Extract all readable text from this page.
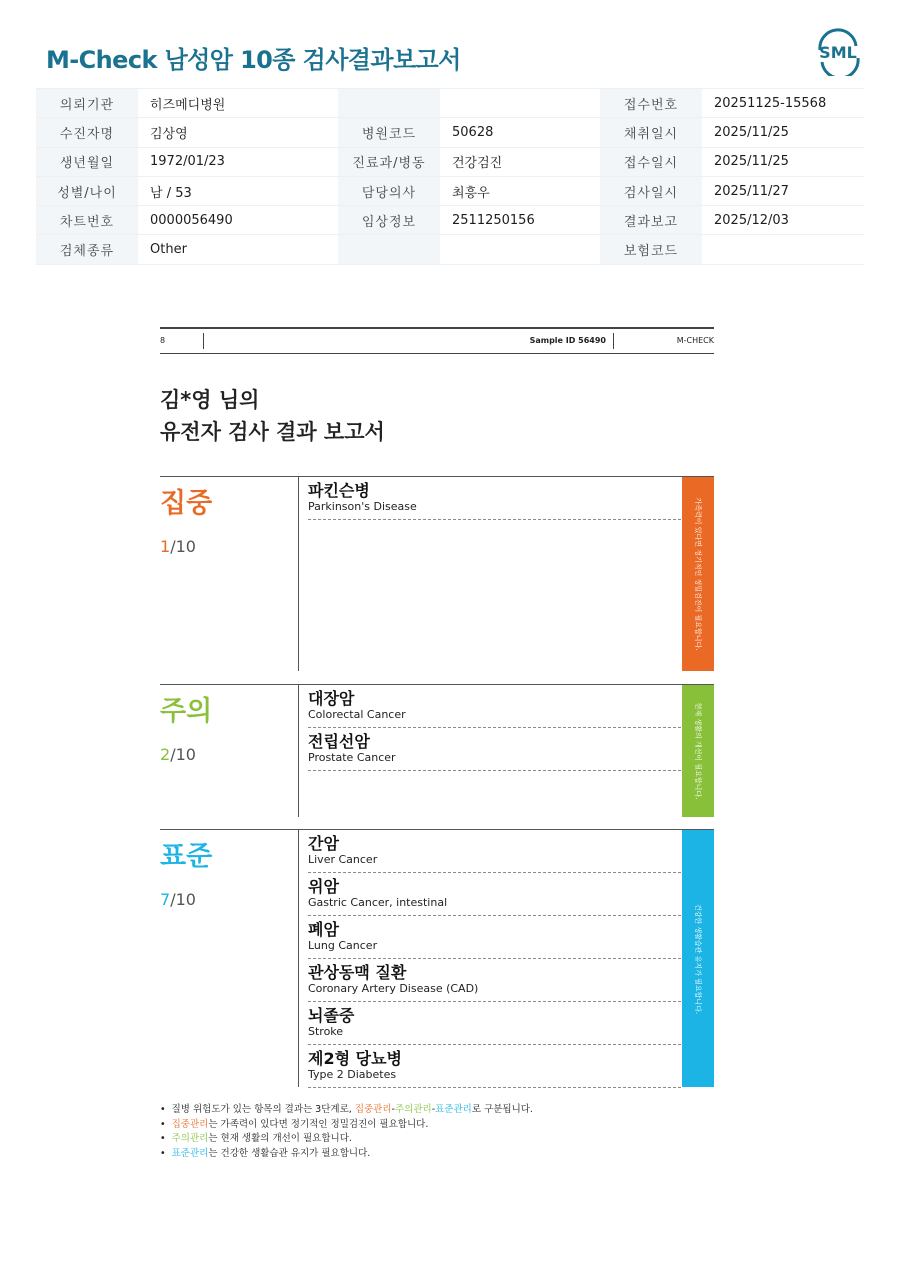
M-Check 남성암 10종 검사결과보고서	SML
의뢰기관	히즈메디병원			접수번호	20251125-15568
수진자명	김상영	병원코드	50628	채취일시	2025/11/25
생년월일	1972/01/23	진료과/병동	건강검진	접수일시	2025/11/25
성별/나이	남 / 53	담당의사	최흥우	검사일시	2025/11/27
차트번호	0000056490	임상정보	2511250156	결과보고	2025/12/03
검체종류	Other			보험코드	
8	Sample ID 56490	M-CHECK
김*영 님의
유전자 검사 결과 보고서
집중
1/10
파킨슨병
Parkinson's Disease	가족력이 있다면 정기적인 정밀검진이 필요합니다.
주의
2/10
대장암
Colorectal Cancer
전립선암
Prostate Cancer	현재 생활의 개선이 필요합니다.
표준
7/10
간암
Liver Cancer
위암
Gastric Cancer, intestinal
폐암
Lung Cancer
관상동맥 질환
Coronary Artery Disease (CAD)
뇌졸중
Stroke
제2형 당뇨병
Type 2 Diabetes
건강한 생활습관 유지가 필요합니다.
• 질병 위험도가 있는 항목의 결과는 3단계로, 집중관리-주의관리-표준관리로 구분됩니다.
• 집중관리는 가족력이 있다면 정기적인 정밀검진이 필요합니다.
• 주의관리는 현재 생활의 개선이 필요합니다.
• 표준관리는 건강한 생활습관 유지가 필요합니다.
